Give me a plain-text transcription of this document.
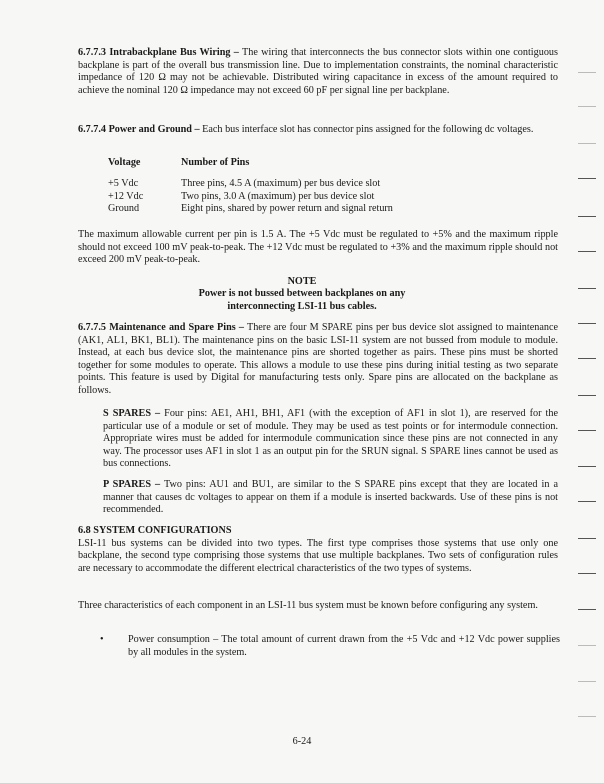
6.7.7.3 Intrabackplane Bus Wiring – The wiring that interconnects the bus connector slots within one contiguous backplane is part of the overall bus transmission line. Due to implementation constraints, the nominal characteristic impedance of 120 Ω may not be achievable. Distributed wiring capacitance in excess of the amount required to achieve the nominal 120 Ω impedance may not exceed 60 pF per signal line per backplane.

6.7.7.4 Power and Ground – Each bus interface slot has connector pins assigned for the following dc voltages.

Voltage	Number of Pins
+5 Vdc	Three pins, 4.5 A (maximum) per bus device slot
+12 Vdc	Two pins, 3.0 A (maximum) per bus device slot
Ground	Eight pins, shared by power return and signal return

The maximum allowable current per pin is 1.5 A. The +5 Vdc must be regulated to +5% and the maximum ripple should not exceed 100 mV peak-to-peak. The +12 Vdc must be regulated to +3% and the maximum ripple should not exceed 200 mV peak-to-peak.

NOTE
Power is not bussed between backplanes on any
interconnecting LSI-11 bus cables.

6.7.7.5 Maintenance and Spare Pins – There are four M SPARE pins per bus device slot assigned to maintenance (AK1, AL1, BK1, BL1). The maintenance pins on the basic LSI-11 system are not bussed from module to module. Instead, at each bus device slot, the maintenance pins are shorted together as pairs. These pins must be shorted together for some modules to operate. This allows a module to use these pins during initial testing as two separate points. This feature is used by Digital for manufacturing tests only. Spare pins are allocated on the backplane as follows.

S SPARES – Four pins: AE1, AH1, BH1, AF1 (with the exception of AF1 in slot 1), are reserved for the particular use of a module or set of module. They may be used as test points or for intermodule connection. Appropriate wires must be added for intermodule communication since these pins are not connected in any way. The processor uses AF1 in slot 1 as an output pin for the SRUN signal. S SPARE lines cannot be used as bus connections.

P SPARES – Two pins: AU1 and BU1, are similar to the S SPARE pins except that they are located in a manner that causes dc voltages to appear on them if a module is inserted backwards. Use of these pins is not recommended.

6.8 SYSTEM CONFIGURATIONS

LSI-11 bus systems can be divided into two types. The first type comprises those systems that use only one backplane, the second type comprising those systems that use multiple backplanes. Two sets of configuration rules are necessary to accommodate the different electrical characteristics of the two types of systems.

Three characteristics of each component in an LSI-11 bus system must be known before configuring any system.

• Power consumption – The total amount of current drawn from the +5 Vdc and +12 Vdc power supplies by all modules in the system.

6-24
